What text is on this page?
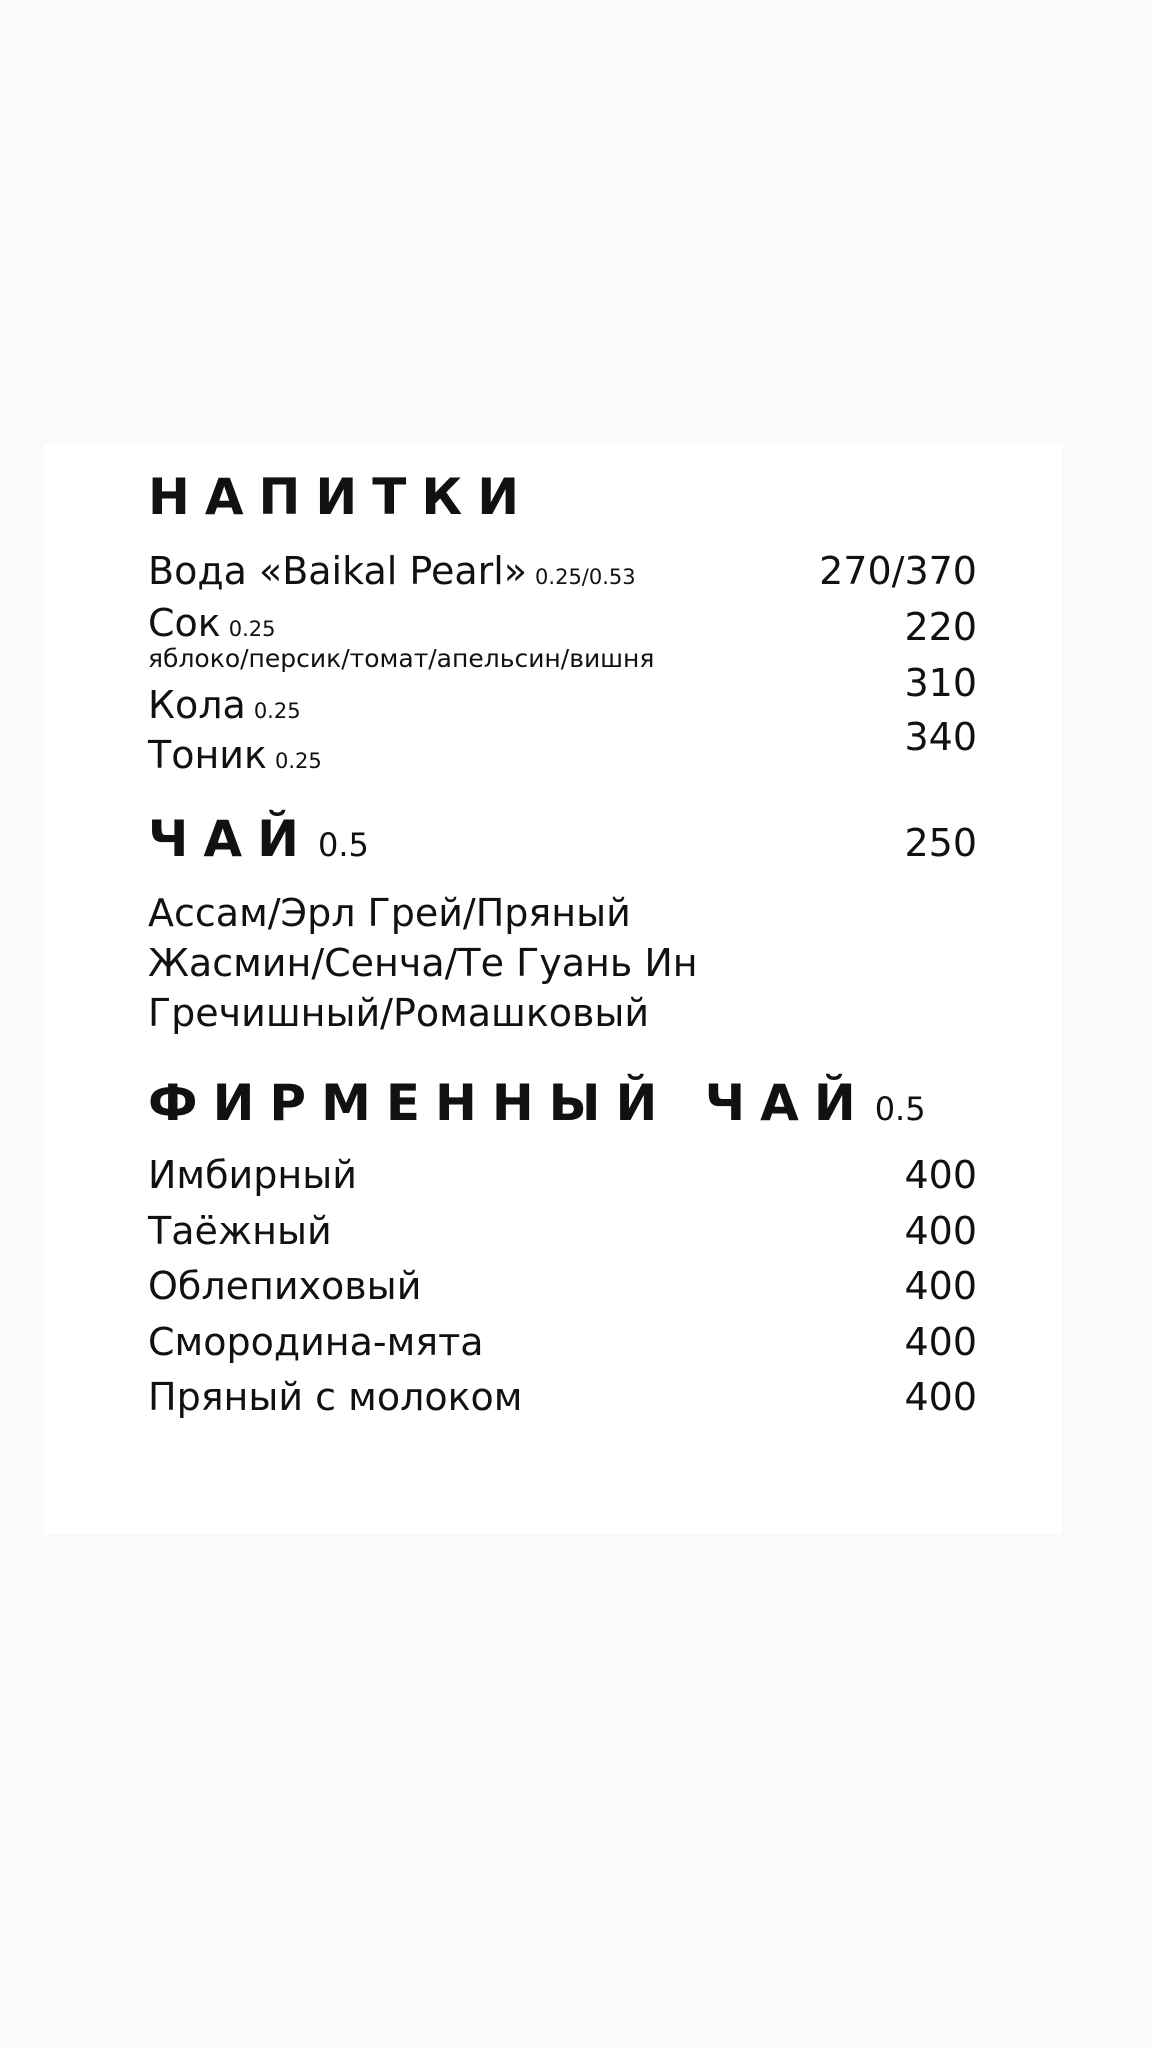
НАПИТКИ
Вода «Baikal Pearl» 0.25/0.53
Сок 0.25
яблоко/персик/томат/апельсин/вишня
Кола 0.25
Тоник 0.25
ЧАЙ 0.5
Ассам/Эрл Грей/Пряный
Жасмин/Сенча/Те Гуань Ин
Гречишный/Ромашковый
ФИРМЕННЫЙ ЧАЙ 0.5
Имбирный
Таёжный
Облепиховый
Смородина-мята
Пряный с молоком
270/370
220
310
340
250
400
400
400
400
400
